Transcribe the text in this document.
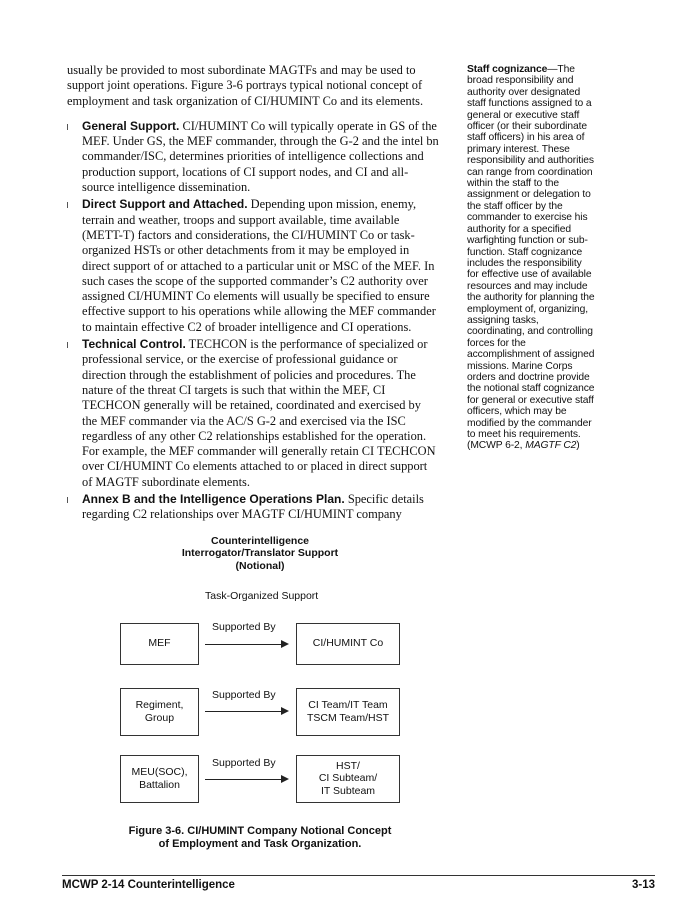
usually be provided to most subordinate MAGTFs and may be used to support joint operations. Figure 3-6 portrays typical notional concept of employment and task organization of CI/HUMINT Co and its elements.

General Support. CI/HUMINT Co will typically operate in GS of the MEF. Under GS, the MEF commander, through the G-2 and the intel bn commander/ISC, determines priorities of intelligence collections and production support, locations of CI support nodes, and CI and all-source intelligence dissemination.

Direct Support and Attached. Depending upon mission, enemy, terrain and weather, troops and support available, time available (METT-T) factors and considerations, the CI/HUMINT Co or task-organized HSTs or other detachments from it may be employed in direct support of or attached to a particular unit or MSC of the MEF. In such cases the scope of the supported commander’s C2 authority over assigned CI/HUMINT Co elements will usually be specified to ensure effective support to his operations while allowing the MEF commander to maintain effective C2 of broader intelligence and CI operations.

Technical Control. TECHCON is the performance of specialized or professional service, or the exercise of professional guidance or direction through the establishment of policies and procedures. The nature of the threat CI targets is such that within the MEF, CI TECHCON generally will be retained, coordinated and exercised by the MEF commander via the AC/S G-2 and exercised via the ISC regardless of any other C2 relationships established for the operation. For example, the MEF commander will generally retain CI TECHCON over CI/HUMINT Co elements attached to or placed in direct support of MAGTF subordinate elements.

Annex B and the Intelligence Operations Plan. Specific details regarding C2 relationships over MAGTF CI/HUMINT company

Counterintelligence
Interrogator/Translator Support
(Notional)
Task-Organized Support
MEF
Supported By
CI/HUMINT Co
Regiment,
Group
Supported By
CI Team/IT Team
TSCM Team/HST
MEU(SOC),
Battalion
Supported By	HST/
CI Subteam/
IT Subteam
Figure 3-6. CI/HUMINT Company Notional Concept
of Employment and Task Organization.
MCWP 2-14 Counterintelligence	3-13
Staff cognizance—The broad responsibility and authority over designated staff functions assigned to a general or executive staff officer (or their subordinate staff officers) in his area of primary interest. These responsibility and authorities can range from coordination within the staff to the assignment or delegation to the staff officer by the commander to exercise his authority for a specified warfighting function or sub-function. Staff cognizance includes the responsibility for effective use of available resources and may include the authority for planning the employment of, organizing, assigning tasks, coordinating, and controlling forces for the accomplishment of assigned missions. Marine Corps orders and doctrine provide the notional staff cognizance for general or executive staff officers, which may be modified by the commander to meet his requirements. (MCWP 6-2, MAGTF C2)
